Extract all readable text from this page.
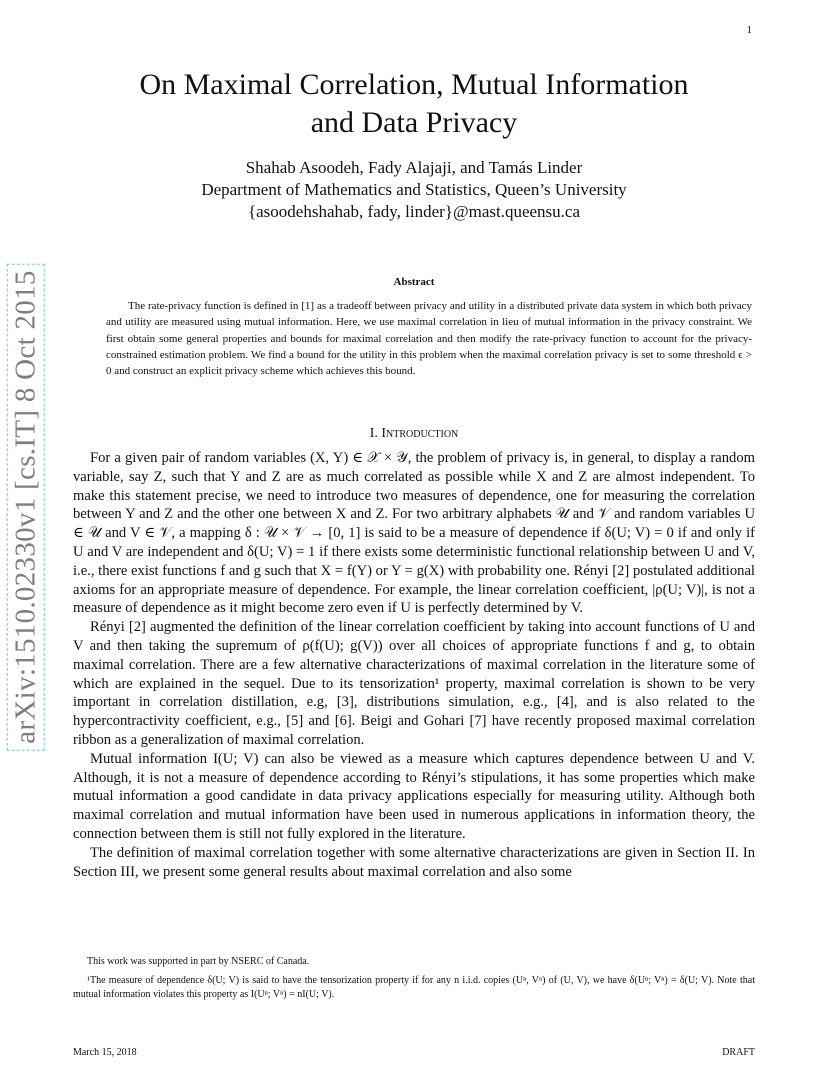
1
arXiv:1510.02330v1 [cs.IT] 8 Oct 2015
On Maximal Correlation, Mutual Information
and Data Privacy
Shahab Asoodeh, Fady Alajaji, and Tamás Linder
Department of Mathematics and Statistics, Queen’s University
{asoodehshahab, fady, linder}@mast.queensu.ca
Abstract

The rate-privacy function is defined in [1] as a tradeoff between privacy and utility in a distributed private data system in which both privacy and utility are measured using mutual information. Here, we use maximal correlation in lieu of mutual information in the privacy constraint. We first obtain some general properties and bounds for maximal correlation and then modify the rate-privacy function to account for the privacy-constrained estimation problem. We find a bound for the utility in this problem when the maximal correlation privacy is set to some threshold ϵ > 0 and construct an explicit privacy scheme which achieves this bound.

I. Introduction

For a given pair of random variables (X, Y) ∈ 𝒳 × 𝒴, the problem of privacy is, in general, to display a random variable, say Z, such that Y and Z are as much correlated as possible while X and Z are almost independent. To make this statement precise, we need to introduce two measures of dependence, one for measuring the correlation between Y and Z and the other one between X and Z. For two arbitrary alphabets 𝒰 and 𝒱 and random variables U ∈ 𝒰 and V ∈ 𝒱, a mapping δ : 𝒰 × 𝒱 → [0, 1] is said to be a measure of dependence if δ(U; V) = 0 if and only if U and V are independent and δ(U; V) = 1 if there exists some deterministic functional relationship between U and V, i.e., there exist functions f and g such that X = f(Y) or Y = g(X) with probability one. Rényi [2] postulated additional axioms for an appropriate measure of dependence. For example, the linear correlation coefficient, |ρ(U; V)|, is not a measure of dependence as it might become zero even if U is perfectly determined by V.

Rényi [2] augmented the definition of the linear correlation coefficient by taking into account functions of U and V and then taking the supremum of ρ(f(U); g(V)) over all choices of appropriate functions f and g, to obtain maximal correlation. There are a few alternative characterizations of maximal correlation in the literature some of which are explained in the sequel. Due to its tensorization¹ property, maximal correlation is shown to be very important in correlation distillation, e.g, [3], distributions simulation, e.g., [4], and is also related to the hypercontractivity coefficient, e.g., [5] and [6]. Beigi and Gohari [7] have recently proposed maximal correlation ribbon as a generalization of maximal correlation.

Mutual information I(U; V) can also be viewed as a measure which captures dependence between U and V. Although, it is not a measure of dependence according to Rényi’s stipulations, it has some properties which make mutual information a good candidate in data privacy applications especially for measuring utility. Although both maximal correlation and mutual information have been used in numerous applications in information theory, the connection between them is still not fully explored in the literature.

The definition of maximal correlation together with some alternative characterizations are given in Section II. In Section III, we present some general results about maximal correlation and also some

This work was supported in part by NSERC of Canada.

¹The measure of dependence δ(U; V) is said to have the tensorization property if for any n i.i.d. copies (Uⁿ, Vⁿ) of (U, V), we have δ(Uⁿ; Vⁿ) = δ(U; V). Note that mutual information violates this property as I(Uⁿ; Vⁿ) = nI(U; V).

March 15, 2018	DRAFT
